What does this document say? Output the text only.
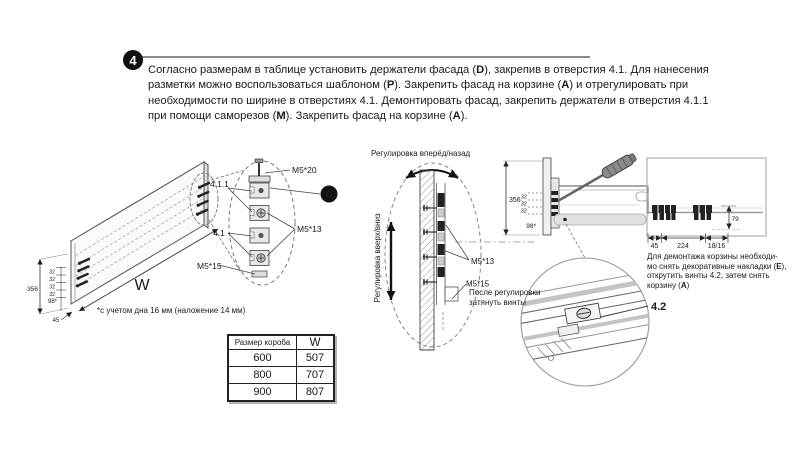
4
Согласно размерам в таблице установить держатели фасада (D), закрепив в отверстия 4.1. Для нанесения
разметки можно воспользоваться шаблоном (P). Закрепить фасад на корзине (A) и отрегулировать при
необходимости по ширине в отверстиях 4.1. Демонтировать фасад, закрепить держатели в отверстия 4.1.1
при помощи саморезов (M). Закрепить фасад на корзине (A).
W
356
32
32
32
32
98*
45
M5*20
4.1.1
4.1	M5*13
M5*15
D
M5*13
M5*15
356 32
32
32
98*
79
45	224	18/16
4.2
*с учетом дна 16 мм (наложение 14 мм)
Регулировка вперёд/назад
Регулировка вверх/вниз	После регулировки
затянуть винты
Для демонтажа корзины необходи-
мо снять декоративные накладки (E),
открутить винты 4.2, затем снять
корзину (А)
Размер короба	W
600	507
800	707
900	807
